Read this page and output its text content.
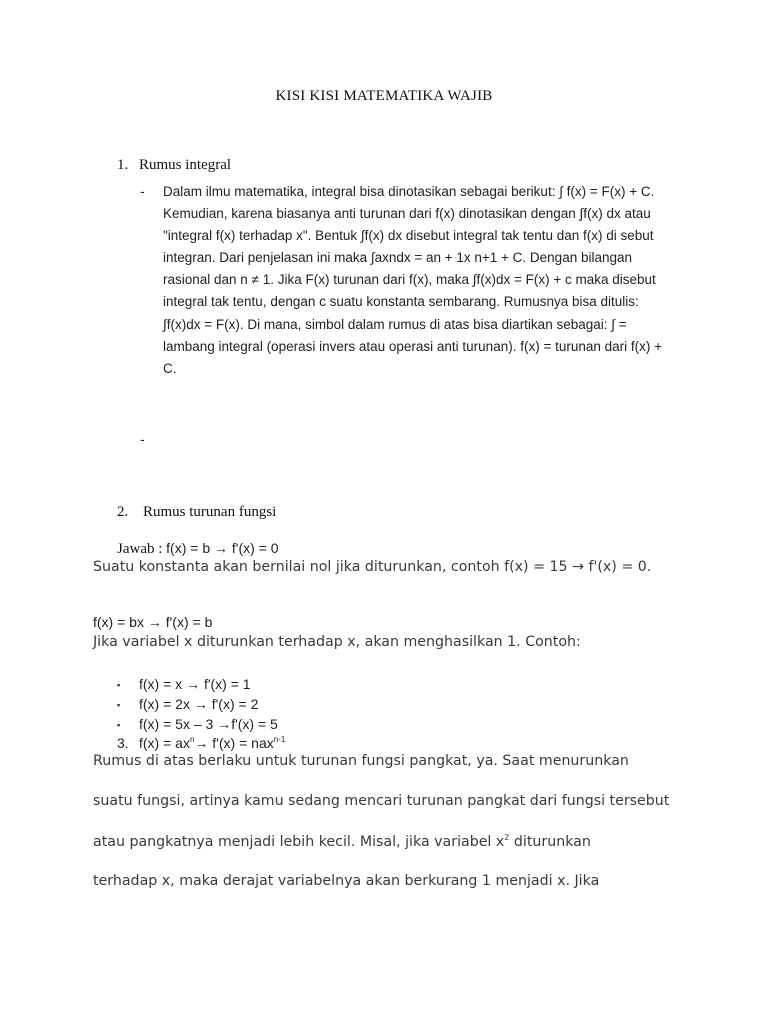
KISI KISI MATEMATIKA WAJIB
1. Rumus integral
- Dalam ilmu matematika, integral bisa dinotasikan sebagai berikut: ∫ f(x) = F(x) + C.
Kemudian, karena biasanya anti turunan dari f(x) dinotasikan dengan ∫f(x) dx atau
"integral f(x) terhadap x". Bentuk ∫f(x) dx disebut integral tak tentu dan f(x) di sebut
integran. Dari penjelasan ini maka ∫axndx = an + 1x n+1 + C. Dengan bilangan
rasional dan n ≠ 1. Jika F(x) turunan dari f(x), maka ∫f(x)dx = F(x) + c maka disebut
integral tak tentu, dengan c suatu konstanta sembarang. Rumusnya bisa ditulis:
∫f(x)dx = F(x). Di mana, simbol dalam rumus di atas bisa diartikan sebagai: ∫ =
lambang integral (operasi invers atau operasi anti turunan). f(x) = turunan dari f(x) +
C.
-
2. Rumus turunan fungsi
Jawab : f(x) = b → f'(x) = 0
Suatu konstanta akan bernilai nol jika diturunkan, contoh f(x) = 15 → f'(x) = 0.
f(x) = bx → f'(x) = b
Jika variabel x diturunkan terhadap x, akan menghasilkan 1. Contoh:
▪ f(x) = x → f'(x) = 1
▪ f(x) = 2x → f'(x) = 2
▪ f(x) = 5x – 3 →f'(x) = 5
3. $f(x) = ax^n\to f'(x) = nax^{n-1}$
Rumus di atas berlaku untuk turunan fungsi pangkat, ya. Saat menurunkan
suatu fungsi, artinya kamu sedang mencari turunan pangkat dari fungsi tersebut
atau pangkatnya menjadi lebih kecil. Misal, jika variabel $x^2$ diturunkan
terhadap x, maka derajat variabelnya akan berkurang 1 menjadi x. Jika
